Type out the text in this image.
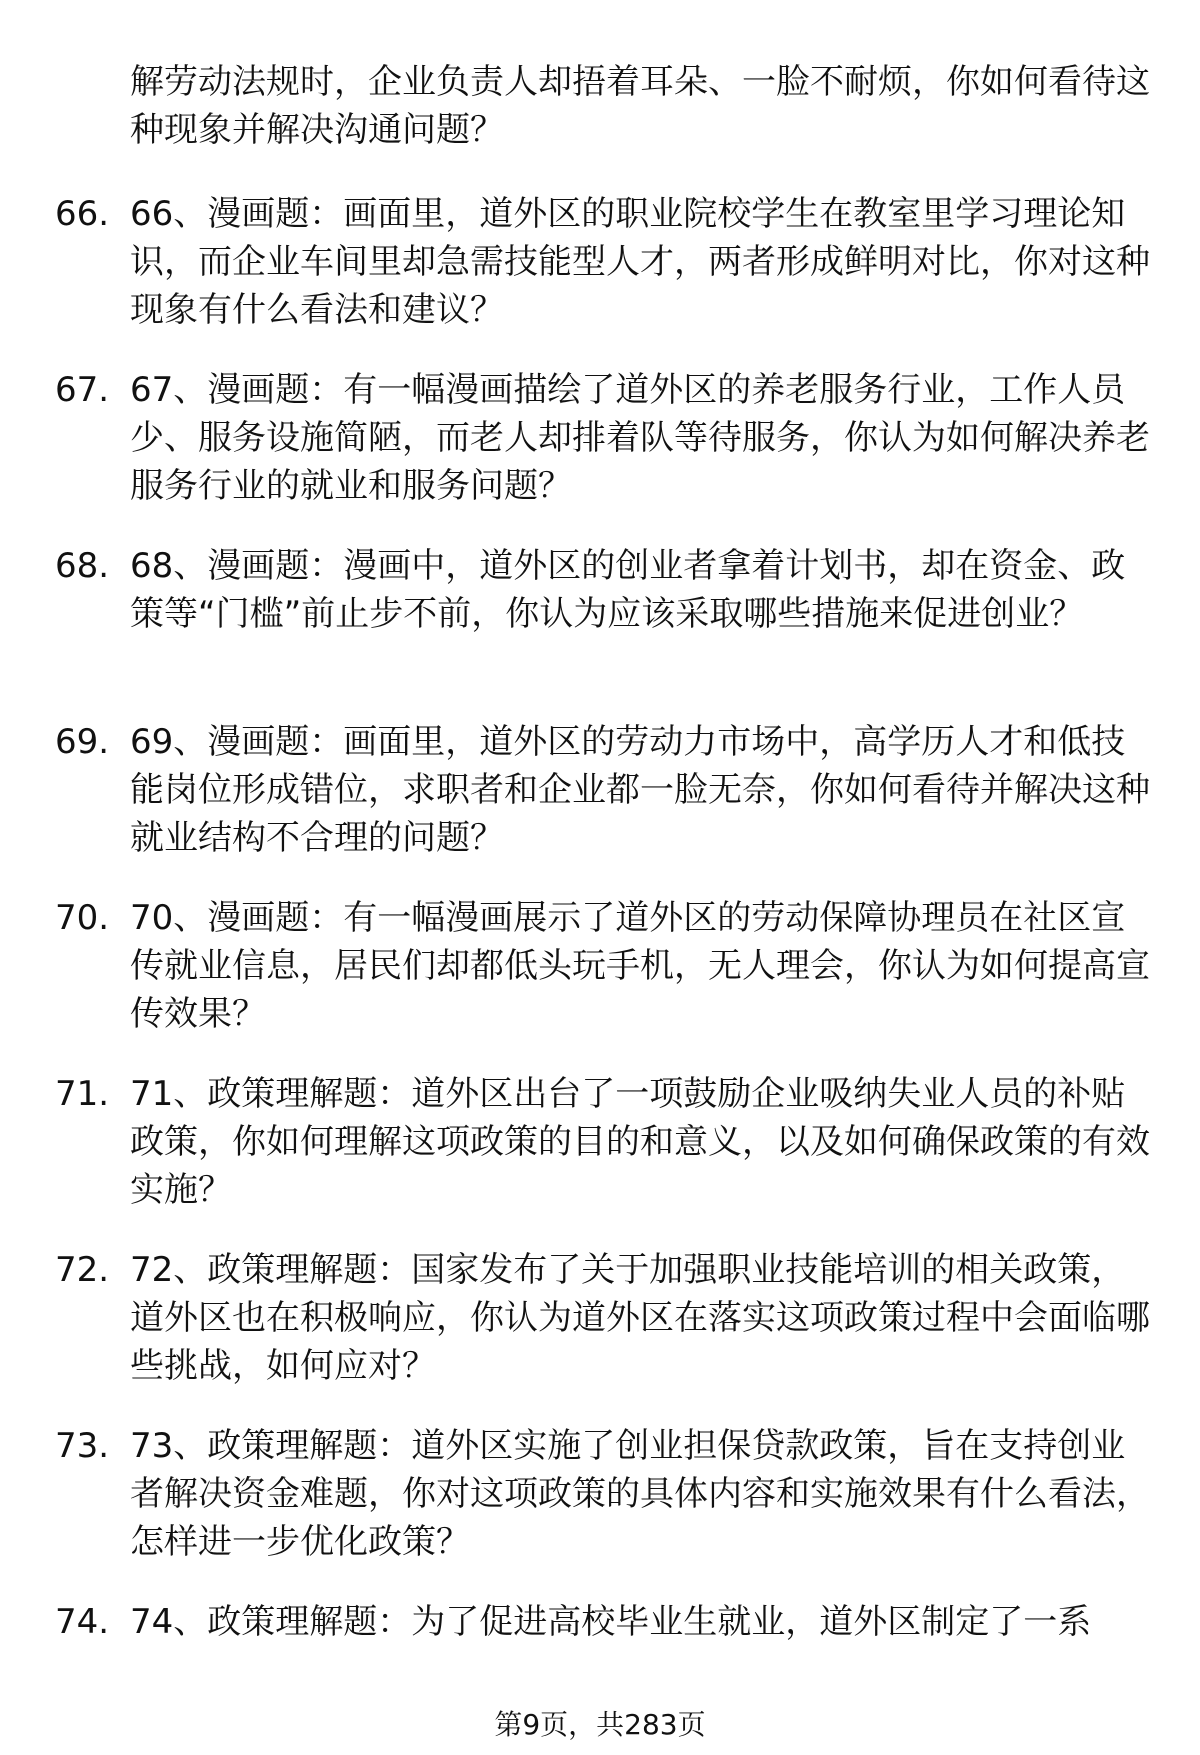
解劳动法规时，企业负责人却捂着耳朵、一脸不耐烦，你如何看待这种现象并解决沟通问题？

66. 66、漫画题：画面里，道外区的职业院校学生在教室里学习理论知识，而企业车间里却急需技能型人才，两者形成鲜明对比，你对这种现象有什么看法和建议？
67. 67、漫画题：有一幅漫画描绘了道外区的养老服务行业，工作人员少、服务设施简陋，而老人却排着队等待服务，你认为如何解决养老服务行业的就业和服务问题？
68. 68、漫画题：漫画中，道外区的创业者拿着计划书，却在资金、政策等“门槛”前止步不前，你认为应该采取哪些措施来促进创业？
69. 69、漫画题：画面里，道外区的劳动力市场中，高学历人才和低技能岗位形成错位，求职者和企业都一脸无奈，你如何看待并解决这种就业结构不合理的问题？
70. 70、漫画题：有一幅漫画展示了道外区的劳动保障协理员在社区宣传就业信息，居民们却都低头玩手机，无人理会，你认为如何提高宣传效果？
71. 71、政策理解题：道外区出台了一项鼓励企业吸纳失业人员的补贴政策，你如何理解这项政策的目的和意义，以及如何确保政策的有效实施？
72. 72、政策理解题：国家发布了关于加强职业技能培训的相关政策，道外区也在积极响应，你认为道外区在落实这项政策过程中会面临哪些挑战，如何应对？
73. 73、政策理解题：道外区实施了创业担保贷款政策，旨在支持创业者解决资金难题，你对这项政策的具体内容和实施效果有什么看法，怎样进一步优化政策？
74. 74、政策理解题：为了促进高校毕业生就业，道外区制定了一系
第9页，共283页
